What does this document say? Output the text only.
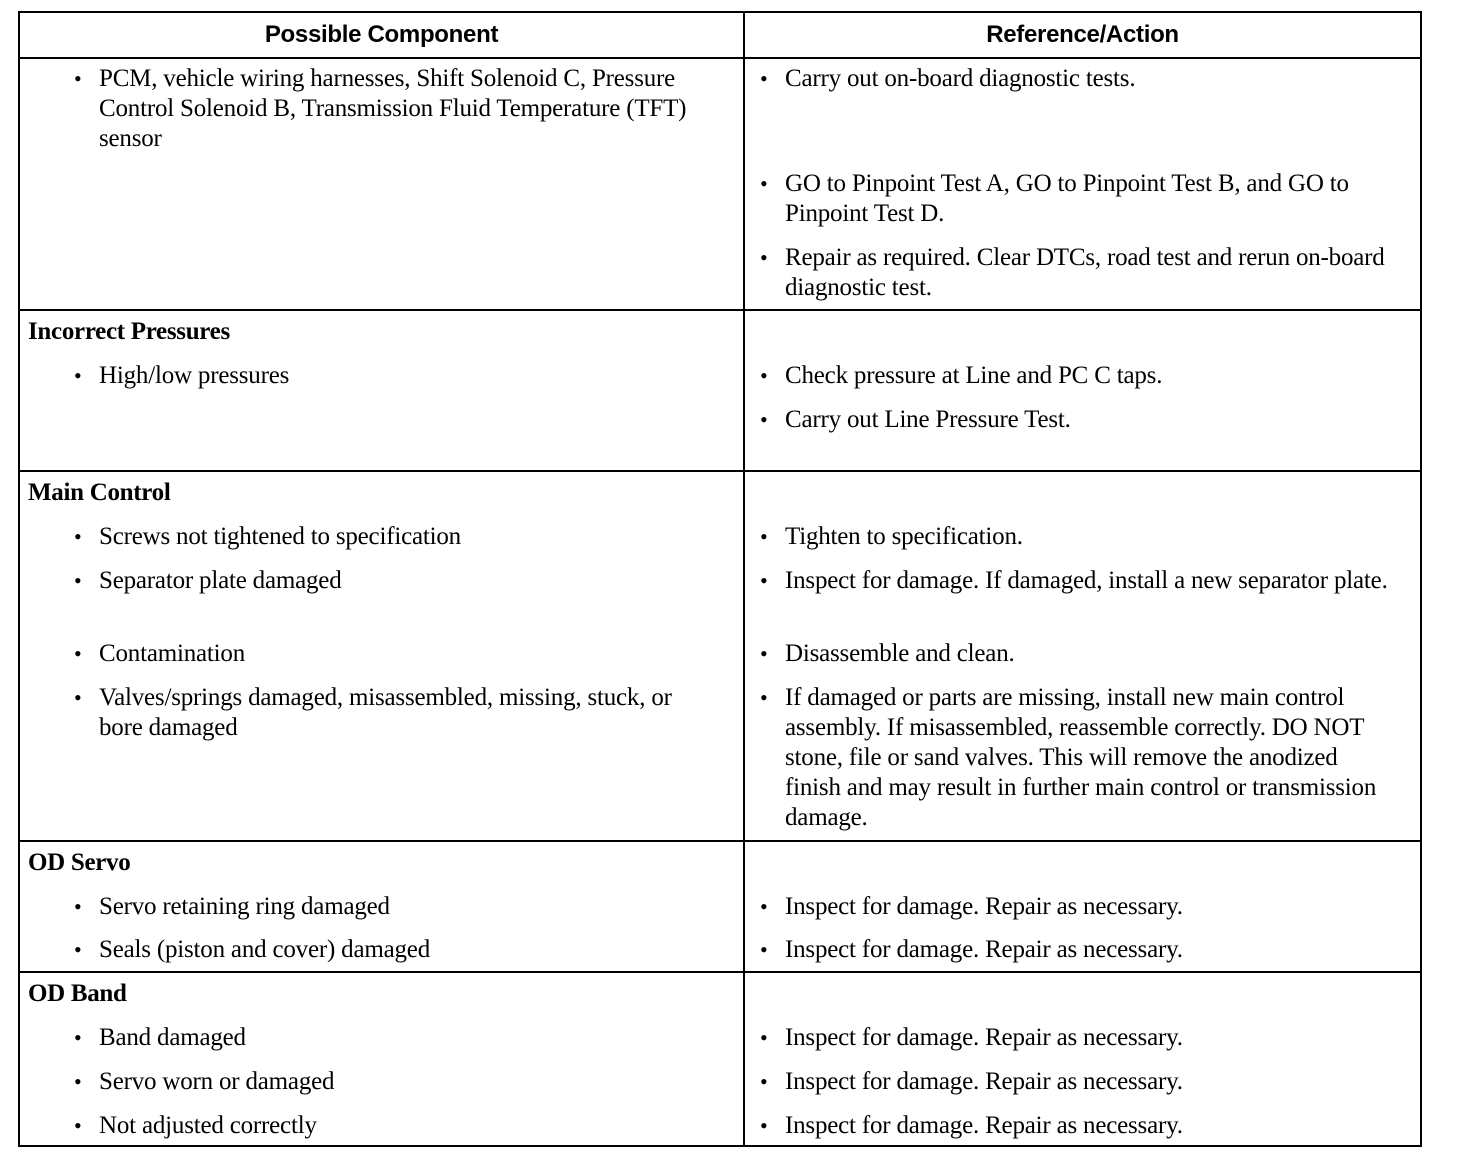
Possible Component	Reference/Action
• PCM, vehicle wiring harnesses, Shift Solenoid C, Pressure Control Solenoid B, Transmission Fluid Temperature (TFT) sensor
• Carry out on-board diagnostic tests.
• GO to Pinpoint Test A, GO to Pinpoint Test B, and GO to Pinpoint Test D.
• Repair as required. Clear DTCs, road test and rerun on-board diagnostic test.
Incorrect Pressures
• High/low pressures	• Check pressure at Line and PC C taps.
• Carry out Line Pressure Test.
Main Control
• Screws not tightened to specification
• Separator plate damaged
• Contamination
• Valves/springs damaged, misassembled, missing, stuck, or bore damaged
• Tighten to specification.
• Inspect for damage. If damaged, install a new separator plate.
• Disassemble and clean.
• If damaged or parts are missing, install new main control assembly. If misassembled, reassemble correctly. DO NOT stone, file or sand valves. This will remove the anodized finish and may result in further main control or transmission damage.
OD Servo
• Servo retaining ring damaged
• Seals (piston and cover) damaged
• Inspect for damage. Repair as necessary.
• Inspect for damage. Repair as necessary.
OD Band
• Band damaged
• Servo worn or damaged
• Not adjusted correctly
• Inspect for damage. Repair as necessary.
• Inspect for damage. Repair as necessary.
• Inspect for damage. Repair as necessary.
